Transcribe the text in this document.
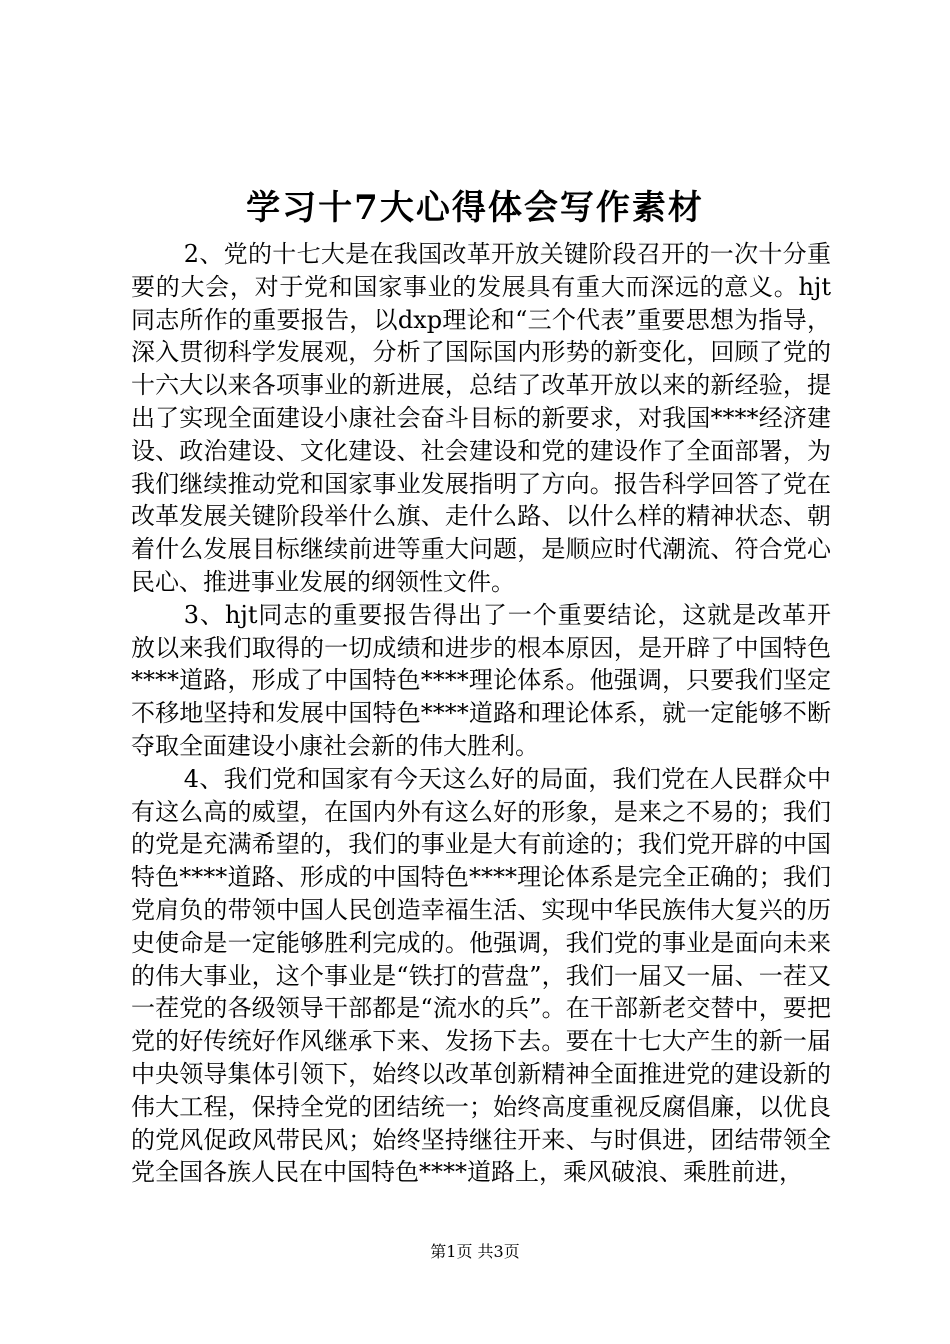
学习十7大心得体会写作素材

2、党的十七大是在我国改革开放关键阶段召开的一次十分重要的大会，对于党和国家事业的发展具有重大而深远的意义。hjt同志所作的重要报告，以dxp理论和“三个代表”重要思想为指导，深入贯彻科学发展观，分析了国际国内形势的新变化，回顾了党的十六大以来各项事业的新进展，总结了改革开放以来的新经验，提出了实现全面建设小康社会奋斗目标的新要求，对我国****经济建设、政治建设、文化建设、社会建设和党的建设作了全面部署，为我们继续推动党和国家事业发展指明了方向。报告科学回答了党在改革发展关键阶段举什么旗、走什么路、以什么样的精神状态、朝着什么发展目标继续前进等重大问题，是顺应时代潮流、符合党心民心、推进事业发展的纲领性文件。

3、hjt同志的重要报告得出了一个重要结论，这就是改革开放以来我们取得的一切成绩和进步的根本原因，是开辟了中国特色****道路，形成了中国特色****理论体系。他强调，只要我们坚定不移地坚持和发展中国特色****道路和理论体系，就一定能够不断夺取全面建设小康社会新的伟大胜利。

4、我们党和国家有今天这么好的局面，我们党在人民群众中有这么高的威望，在国内外有这么好的形象，是来之不易的；我们的党是充满希望的，我们的事业是大有前途的；我们党开辟的中国特色****道路、形成的中国特色****理论体系是完全正确的；我们党肩负的带领中国人民创造幸福生活、实现中华民族伟大复兴的历史使命是一定能够胜利完成的。他强调，我们党的事业是面向未来的伟大事业，这个事业是“铁打的营盘”，我们一届又一届、一茬又一茬党的各级领导干部都是“流水的兵”。在干部新老交替中，要把党的好传统好作风继承下来、发扬下去。要在十七大产生的新一届中央领导集体引领下，始终以改革创新精神全面推进党的建设新的伟大工程，保持全党的团结统一；始终高度重视反腐倡廉，以优良的党风促政风带民风；始终坚持继往开来、与时俱进，团结带领全党全国各族人民在中国特色****道路上，乘风破浪、乘胜前进，

第1页 共3页
